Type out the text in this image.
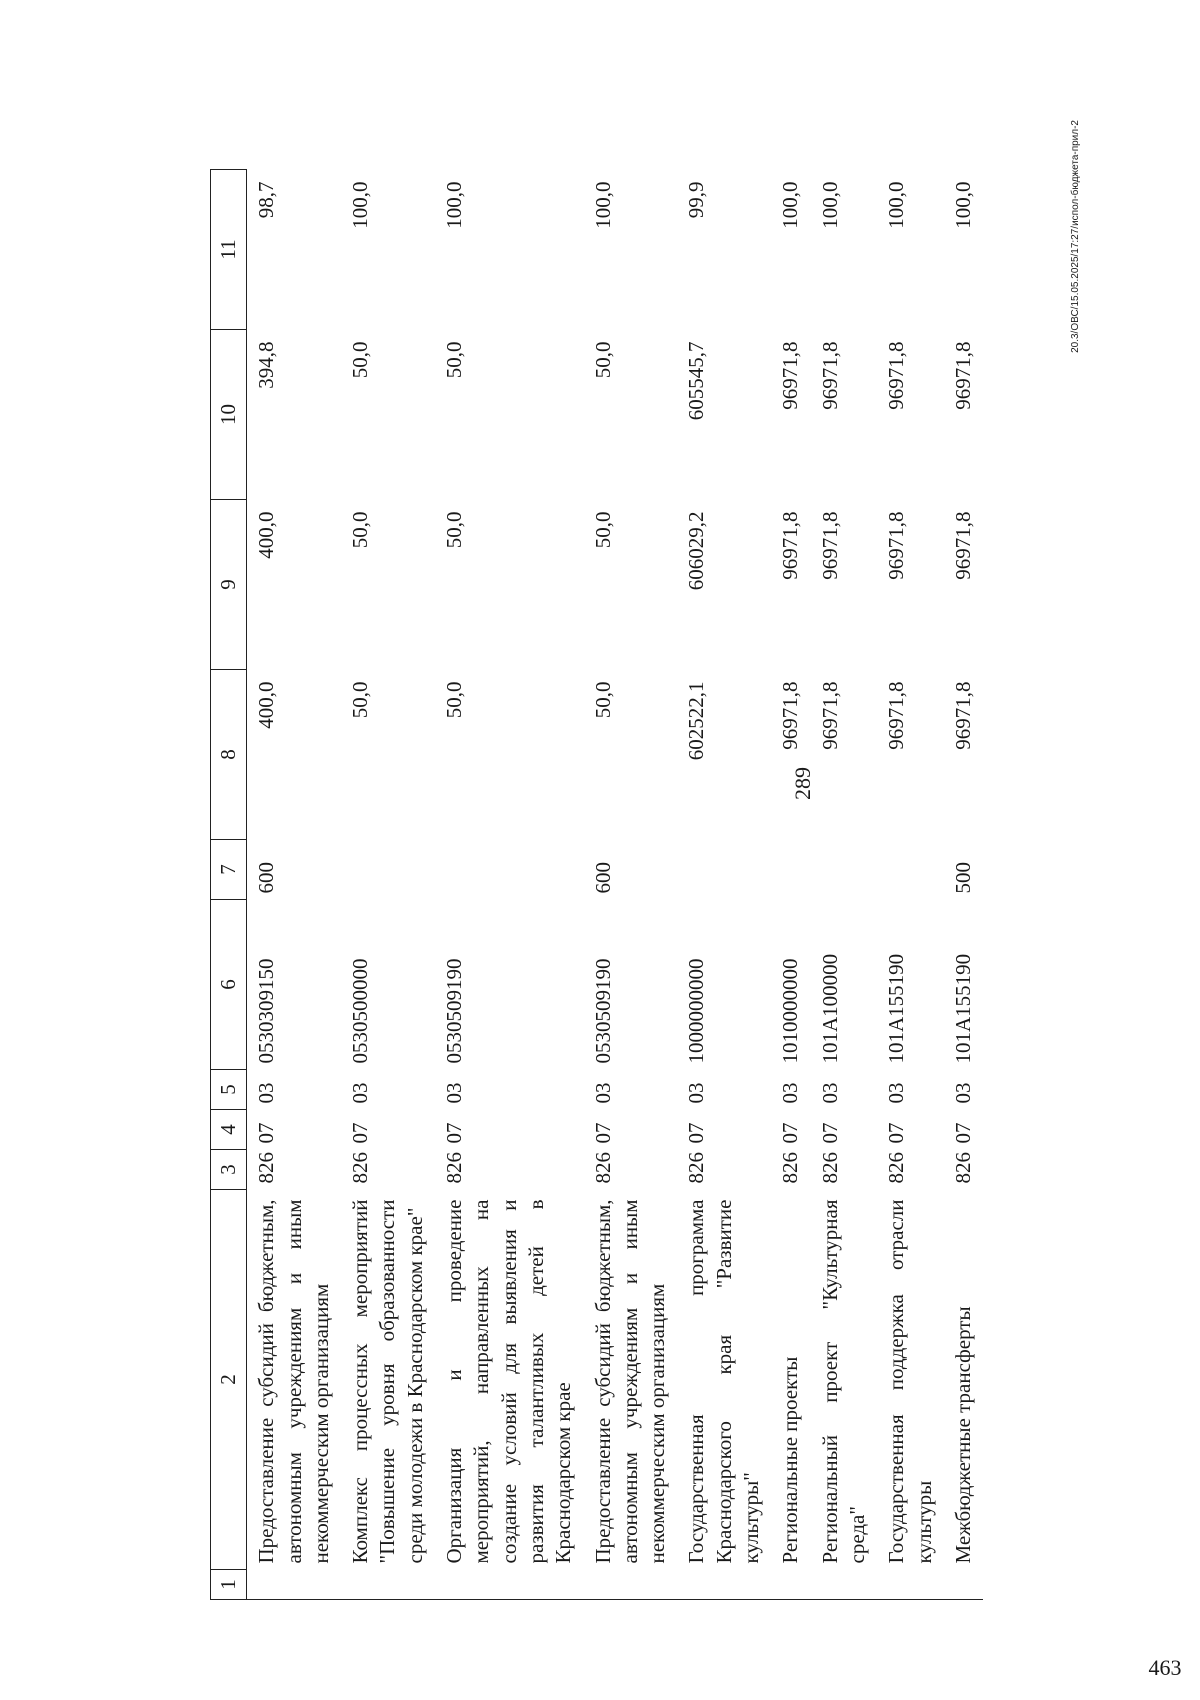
289
1	2	3	4	5	6	7	8	9	10	11
	Предоставление субсидий бюджетным, автономным учреждениям и иным некоммерческим организациям	826	07	03	0530309150	600	400,0	400,0	394,8	98,7
	Комплекс процессных мероприятий "Повышение уровня образованности среди молодежи в Краснодарском крае"	826	07	03	0530500000		50,0	50,0	50,0	100,0
	Организация и проведение мероприятий, направленных на создание условий для выявления и развития талантливых детей в Краснодарском крае	826	07	03	0530509190		50,0	50,0	50,0	100,0
	Предоставление субсидий бюджетным, автономным учреждениям и иным некоммерческим организациям	826	07	03	0530509190	600	50,0	50,0	50,0	100,0
	Государственная программа Краснодарского края "Развитие культуры"	826	07	03	1000000000		602522,1	606029,2	605545,7	99,9
	Региональные проекты	826	07	03	1010000000		96971,8	96971,8	96971,8	100,0
	Региональный проект "Культурная среда"	826	07	03	101A100000		96971,8	96971,8	96971,8	100,0
	Государственная поддержка отрасли культуры	826	07	03	101A155190		96971,8	96971,8	96971,8	100,0
	Межбюджетные трансферты	826	07	03	101A155190	500	96971,8	96971,8	96971,8	100,0	20.3/ОВС/15.05.2025/17:27/испол-бюджета-прил-2
463
